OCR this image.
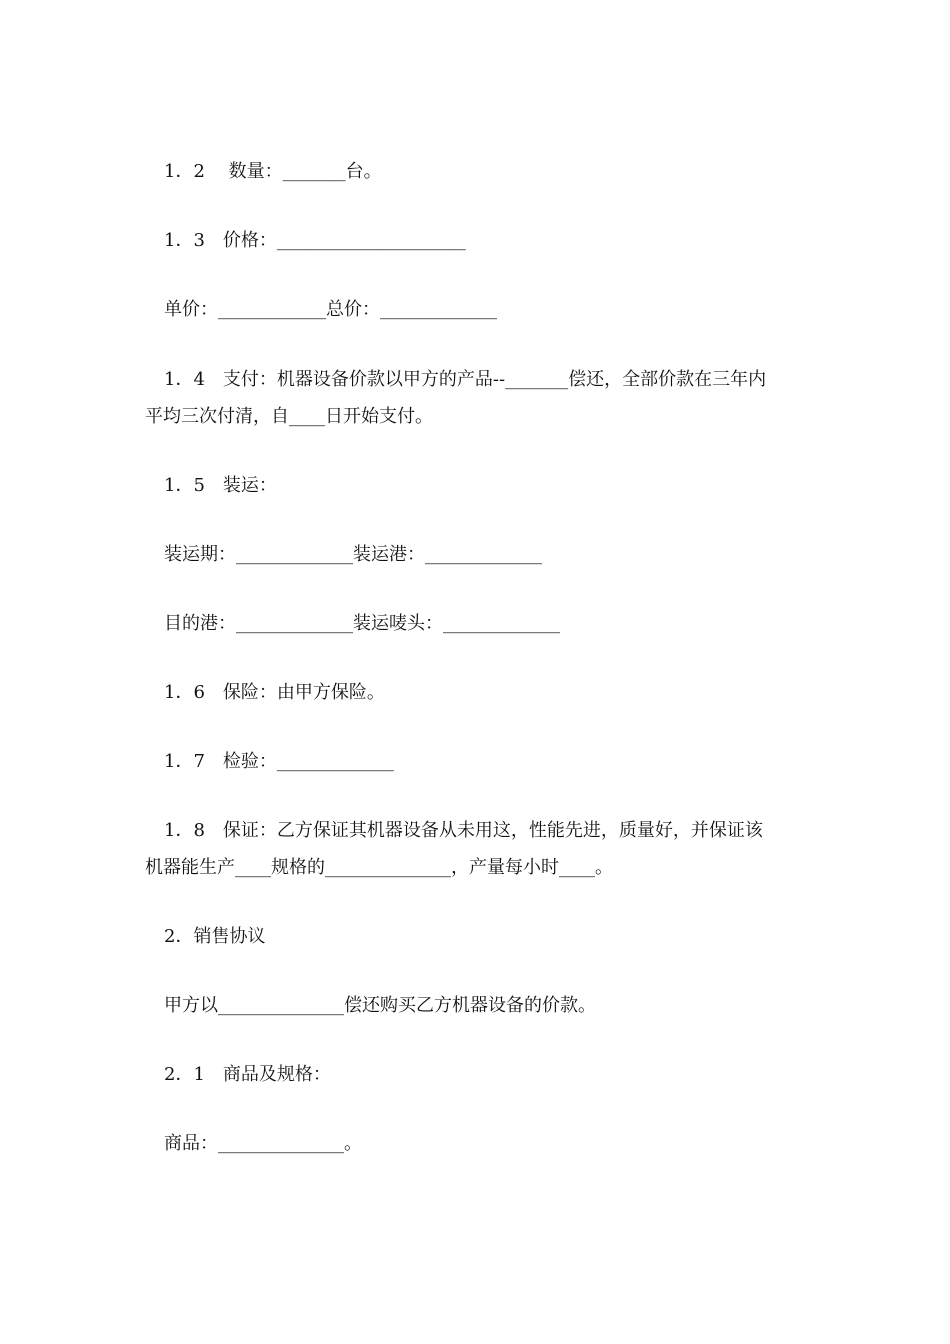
1．2　 数量：_______台。
1．3　价格：_____________________
单价：____________总价：_____________
1．4　支付：机器设备价款以甲方的产品--_______偿还，全部价款在三年内
平均三次付清，自____日开始支付。
1．5　装运：
装运期：_____________装运港：_____________
目的港：_____________装运唛头：_____________
1．6　保险：由甲方保险。
1．7　检验：_____________
1．8　保证：乙方保证其机器设备从未用这，性能先进，质量好，并保证该
机器能生产____规格的______________，产量每小时____。
2．销售协议
甲方以______________偿还购买乙方机器设备的价款。
2．1　商品及规格：
商品：______________。
